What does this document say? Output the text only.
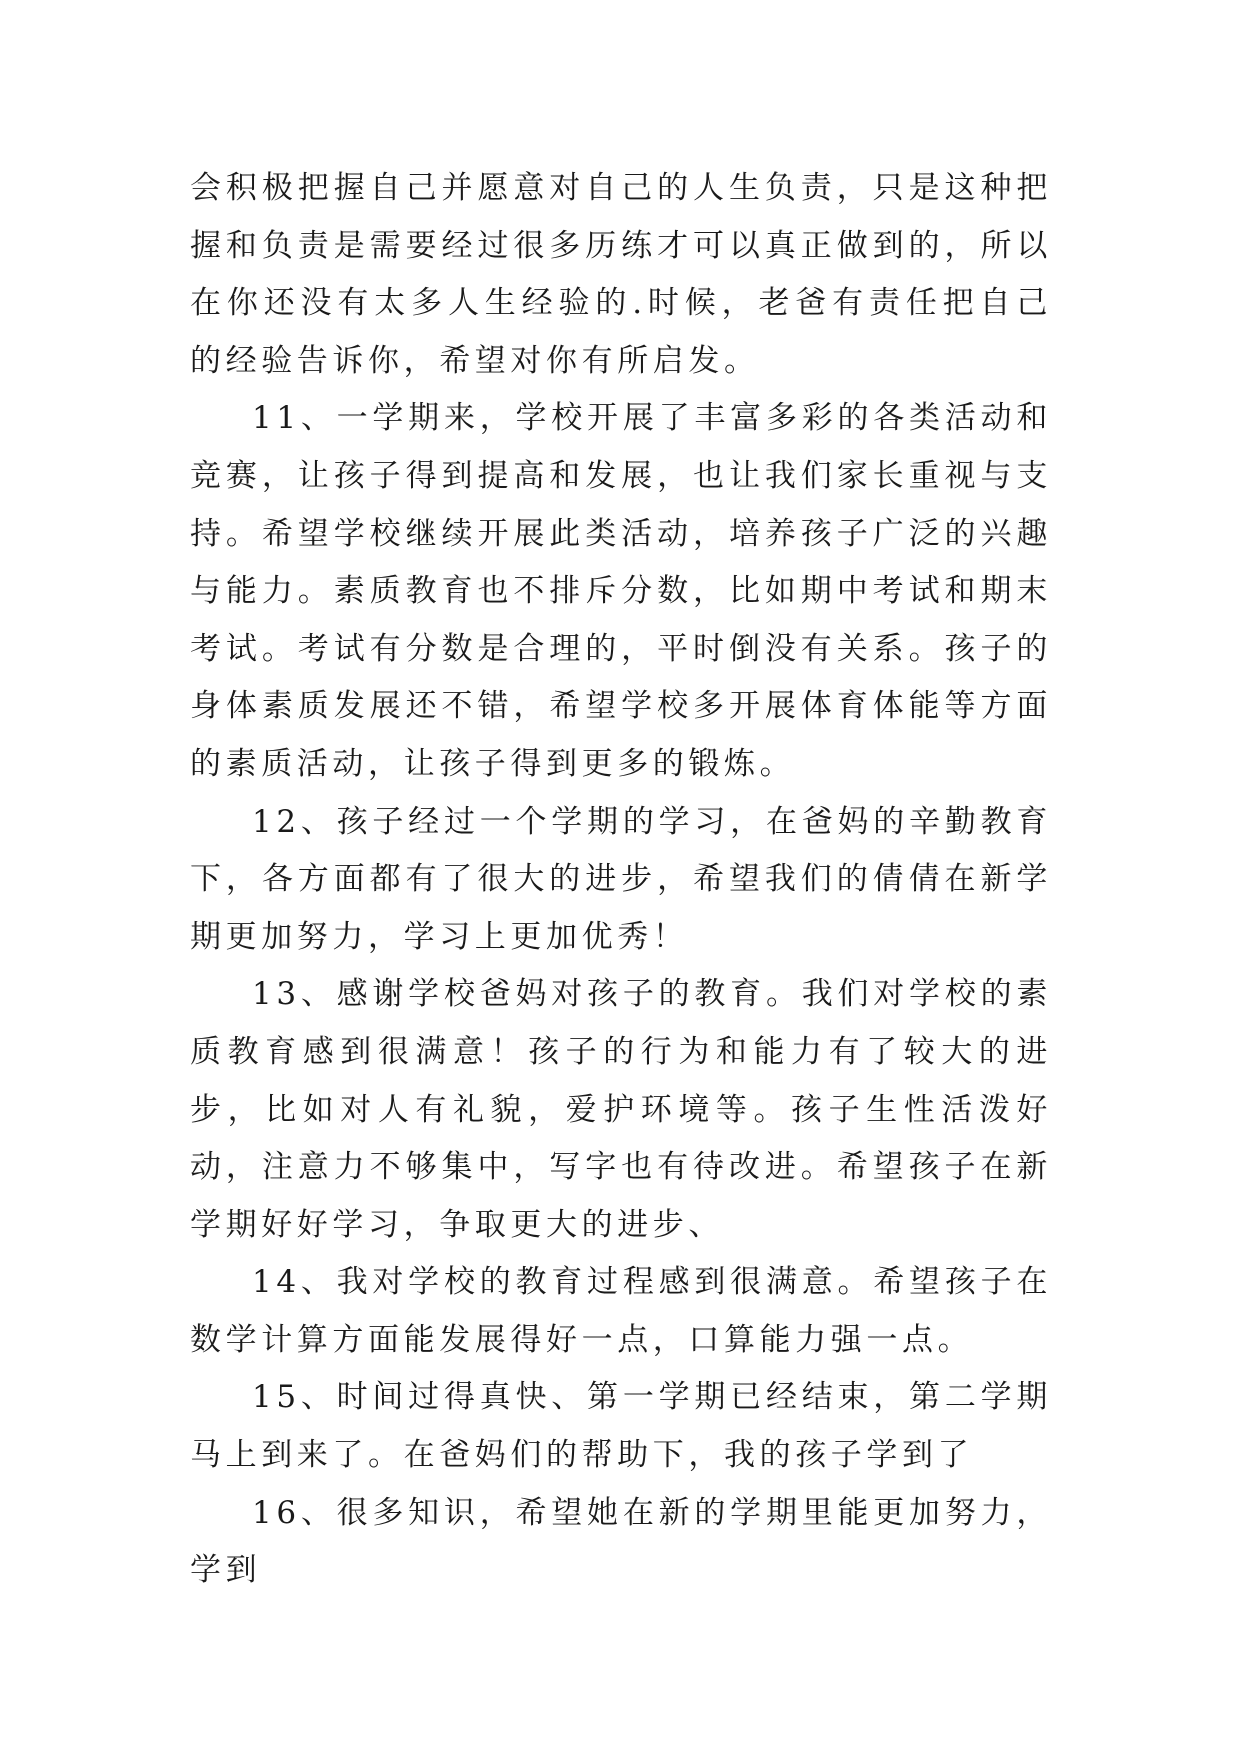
会积极把握自己并愿意对自己的人生负责，只是这种把握和负责是需要经过很多历练才可以真正做到的，所以在你还没有太多人生经验的.时候，老爸有责任把自己的经验告诉你，希望对你有所启发。

11、一学期来，学校开展了丰富多彩的各类活动和竞赛，让孩子得到提高和发展，也让我们家长重视与支持。希望学校继续开展此类活动，培养孩子广泛的兴趣与能力。素质教育也不排斥分数，比如期中考试和期末考试。考试有分数是合理的，平时倒没有关系。孩子的身体素质发展还不错，希望学校多开展体育体能等方面的素质活动，让孩子得到更多的锻炼。

12、孩子经过一个学期的学习，在爸妈的辛勤教育下，各方面都有了很大的进步，希望我们的倩倩在新学期更加努力，学习上更加优秀！

13、感谢学校爸妈对孩子的教育。我们对学校的素质教育感到很满意！孩子的行为和能力有了较大的进步，比如对人有礼貌，爱护环境等。孩子生性活泼好动，注意力不够集中，写字也有待改进。希望孩子在新学期好好学习，争取更大的进步、

14、我对学校的教育过程感到很满意。希望孩子在数学计算方面能发展得好一点，口算能力强一点。

15、时间过得真快、第一学期已经结束，第二学期马上到来了。在爸妈们的帮助下，我的孩子学到了

16、很多知识，希望她在新的学期里能更加努力，学到
